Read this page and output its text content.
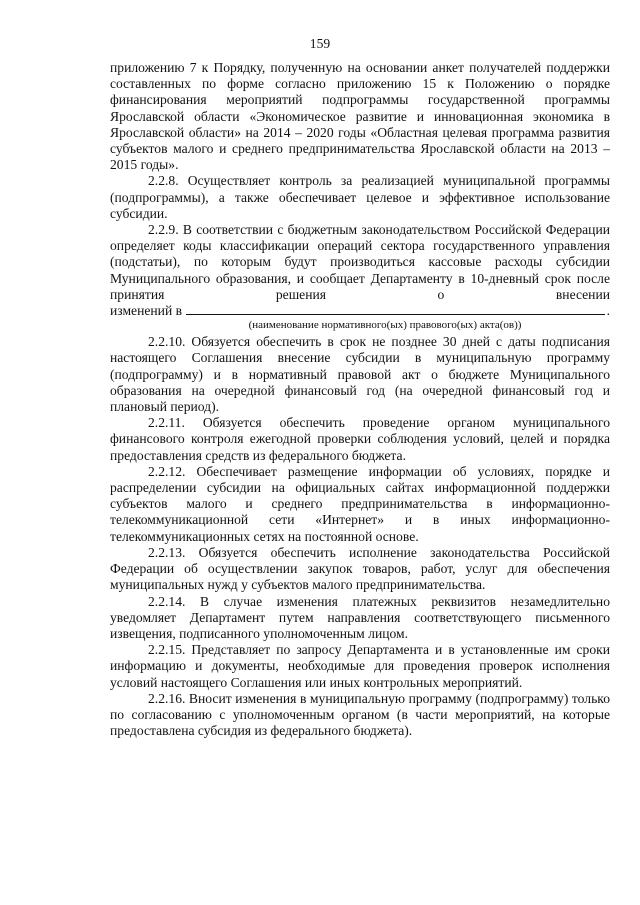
159

приложению 7 к Порядку, полученную на основании анкет получателей поддержки составленных по форме согласно приложению 15 к Положению о порядке финансирования мероприятий подпрограммы государственной программы Ярославской области «Экономическое развитие и инновационная экономика в Ярославской области» на 2014 – 2020 годы «Областная целевая программа развития субъектов малого и среднего предпринимательства Ярославской области на 2013 – 2015 годы».

2.2.8. Осуществляет контроль за реализацией муниципальной программы (подпрограммы), а также обеспечивает целевое и эффективное использование субсидии.

2.2.9. В соответствии с бюджетным законодательством Российской Федерации определяет коды классификации операций сектора государственного управления (подстатьи), по которым будут производиться кассовые расходы субсидии Муниципального образования, и сообщает Департаменту в 10-дневный срок после принятия решения о внесении

изменений в	.
(наименование нормативного(ых) правового(ых) акта(ов))

2.2.10. Обязуется обеспечить в срок не позднее 30 дней с даты подписания настоящего Соглашения внесение субсидии в муниципальную программу (подпрограмму) и в нормативный правовой акт о бюджете Муниципального образования на очередной финансовый год (на очередной финансовый год и плановый период).

2.2.11. Обязуется обеспечить проведение органом муниципального финансового контроля ежегодной проверки соблюдения условий, целей и порядка предоставления средств из федерального бюджета.

2.2.12. Обеспечивает размещение информации об условиях, порядке и распределении субсидии на официальных сайтах информационной поддержки субъектов малого и среднего предпринимательства в информационно-телекоммуникационной сети «Интернет» и в иных информационно-телекоммуникационных сетях на постоянной основе.

2.2.13. Обязуется обеспечить исполнение законодательства Российской Федерации об осуществлении закупок товаров, работ, услуг для обеспечения муниципальных нужд у субъектов малого предпринимательства.

2.2.14. В случае изменения платежных реквизитов незамедлительно уведомляет Департамент путем направления соответствующего письменного извещения, подписанного уполномоченным лицом.

2.2.15. Представляет по запросу Департамента и в установленные им сроки информацию и документы, необходимые для проведения проверок исполнения условий настоящего Соглашения или иных контрольных мероприятий.

2.2.16. Вносит изменения в муниципальную программу (подпрограмму) только по согласованию с уполномоченным органом (в части мероприятий, на которые предоставлена субсидия из федерального бюджета).
